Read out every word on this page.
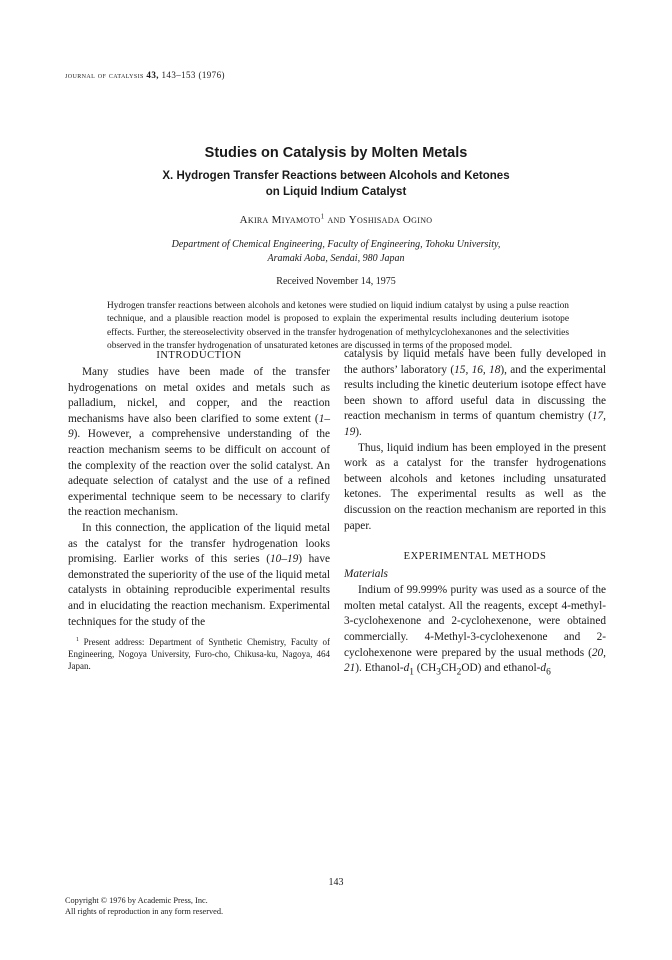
journal of catalysis 43, 143–153 (1976)
Studies on Catalysis by Molten Metals
X. Hydrogen Transfer Reactions between Alcohols and Ketones
on Liquid Indium Catalyst
Akira Miyamoto$^1$ and Yoshisada Ogino
Department of Chemical Engineering, Faculty of Engineering, Tohoku University,
Aramaki Aoba, Sendai, 980 Japan
Received November 14, 1975
Hydrogen transfer reactions between alcohols and ketones were studied on liquid indium catalyst by using a pulse reaction technique, and a plausible reaction model is proposed to explain the experimental results including deuterium isotope effects. Further, the stereoselectivity observed in the transfer hydrogenation of methylcyclohexanones and the selectivities observed in the transfer hydrogenation of unsaturated ketones are discussed in terms of the proposed model.
INTRODUCTION

Many studies have been made of the transfer hydrogenations on metal oxides and metals such as palladium, nickel, and copper, and the reaction mechanisms have also been clarified to some extent (1–9). However, a comprehensive understanding of the reaction mechanism seems to be difficult on account of the complexity of the reaction over the solid catalyst. An adequate selection of catalyst and the use of a refined experimental technique seem to be necessary to clarify the reaction mechanism.

In this connection, the application of the liquid metal as the catalyst for the transfer hydrogenation looks promising. Earlier works of this series (10–19) have demonstrated the superiority of the use of the liquid metal catalysts in obtaining reproducible experimental results and in elucidating the reaction mechanism. Experimental techniques for the study of the

$^1$ Present address: Department of Synthetic Chemistry, Faculty of Engineering, Nogoya University, Furo-cho, Chikusa-ku, Nagoya, 464 Japan.

catalysis by liquid metals have been fully developed in the authors’ laboratory (15, 16, 18), and the experimental results including the kinetic deuterium isotope effect have been shown to afford useful data in discussing the reaction mechanism in terms of quantum chemistry (17, 19).

Thus, liquid indium has been employed in the present work as a catalyst for the transfer hydrogenations between alcohols and ketones including unsaturated ketones. The experimental results as well as the discussion on the reaction mechanism are reported in this paper.

EXPERIMENTAL METHODS
Materials

Indium of 99.999% purity was used as a source of the molten metal catalyst. All the reagents, except 4-methyl-3-cyclohexenone and 2-cyclohexenone, were obtained commercially. 4-Methyl-3-cyclohexenone and 2-cyclohexenone were prepared by the usual methods (20, 21). Ethanol-$d_1$ $(CH_3CH_2OD)$ and ethanol-$d_6$

143
Copyright © 1976 by Academic Press, Inc.
All rights of reproduction in any form reserved.
